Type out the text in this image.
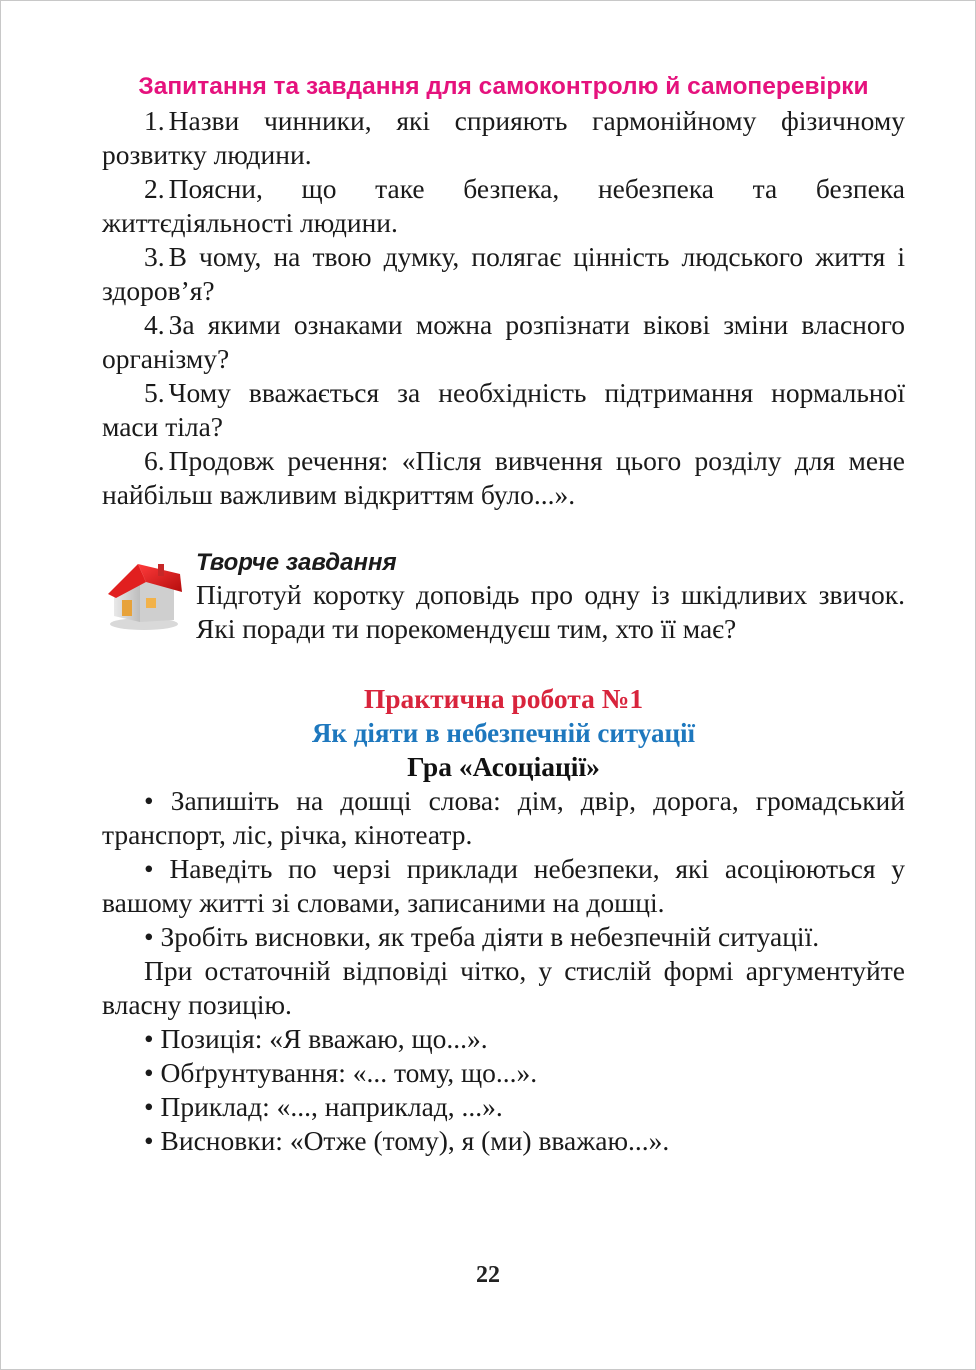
Запитання та завдання для самоконтролю й самоперевірки

1. Назви чинники, які сприяють гармонійному фізичному розвитку людини.

2. Поясни, що таке безпека, небезпека та безпека життєдіяльності людини.

3. В чому, на твою думку, полягає цінність людського життя і здоров’я?

4. За якими ознаками можна розпізнати вікові зміни власного організму?

5. Чому вважається за необхідність підтримання нормальної маси тіла?

6. Продовж речення: «Після вивчення цього розділу для мене найбільш важливим відкриттям було...».

Творче завдання
Підготуй коротку доповідь про одну із шкідливих звичок. Які поради ти порекомендуєш тим, хто її має?
Практична робота №1
Як діяти в небезпечній ситуації
Гра «Асоціації»

• Запишіть на дошці слова: дім, двір, дорога, громадський транспорт, ліс, річка, кінотеатр.

• Наведіть по черзі приклади небезпеки, які асоціюються у вашому житті зі словами, записаними на дошці.

• Зробіть висновки, як треба діяти в небезпечній ситуації.

При остаточній відповіді чітко, у стислій формі аргументуйте власну позицію.

• Позиція: «Я вважаю, що...».

• Обґрунтування: «... тому, що...».

• Приклад: «..., наприклад, ...».

• Висновки: «Отже (тому), я (ми) вважаю...».

22
